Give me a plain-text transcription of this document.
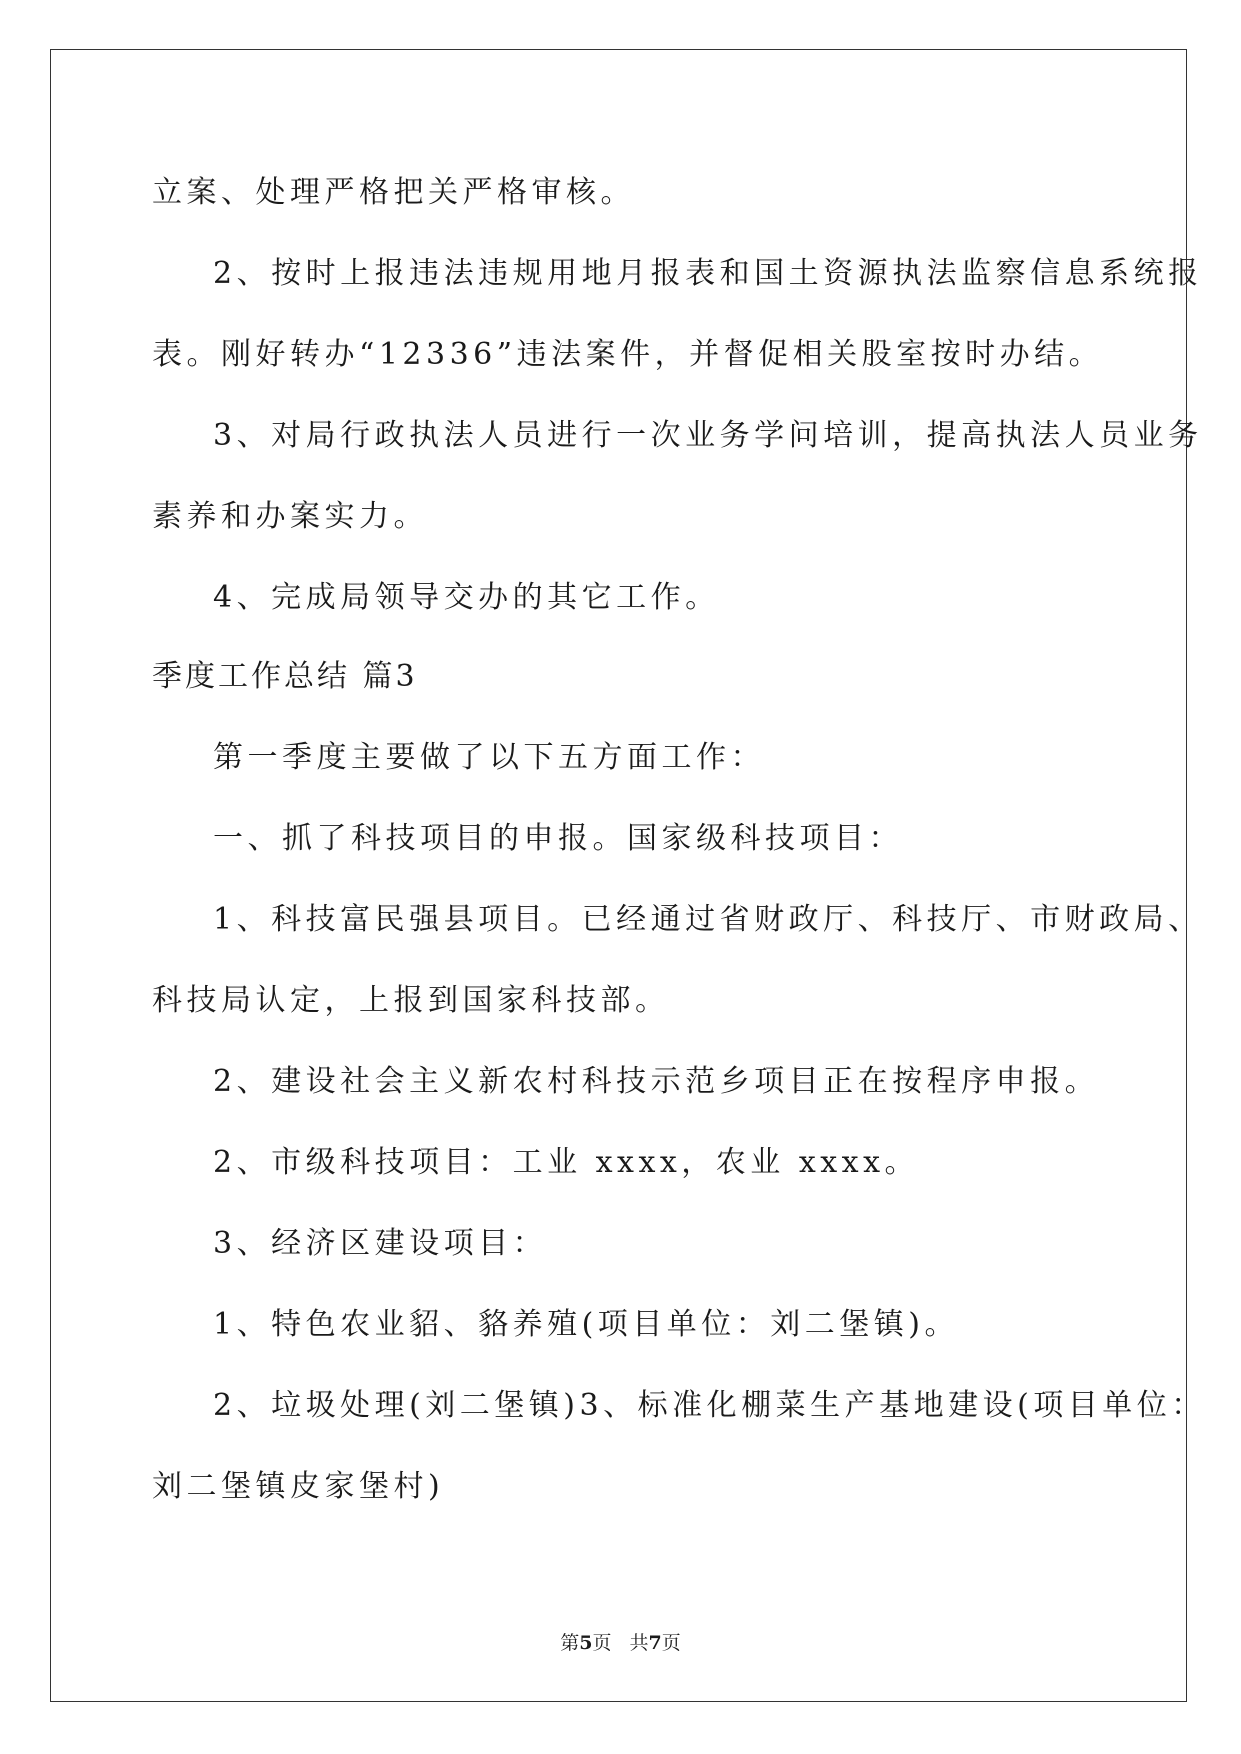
立案、处理严格把关严格审核。
2、按时上报违法违规用地月报表和国土资源执法监察信息系统报
表。刚好转办“12336”违法案件，并督促相关股室按时办结。
3、对局行政执法人员进行一次业务学问培训，提高执法人员业务
素养和办案实力。
4、完成局领导交办的其它工作。
季度工作总结 篇3
第一季度主要做了以下五方面工作：
一、抓了科技项目的申报。国家级科技项目：
1、科技富民强县项目。已经通过省财政厅、科技厅、市财政局、
科技局认定，上报到国家科技部。
2、建设社会主义新农村科技示范乡项目正在按程序申报。
2、市级科技项目：工业 xxxx，农业 xxxx。
3、经济区建设项目：
1、特色农业貂、貉养殖(项目单位：刘二堡镇)。
2、垃圾处理(刘二堡镇)3、标准化棚菜生产基地建设(项目单位：
刘二堡镇皮家堡村)
第5页 共7页
